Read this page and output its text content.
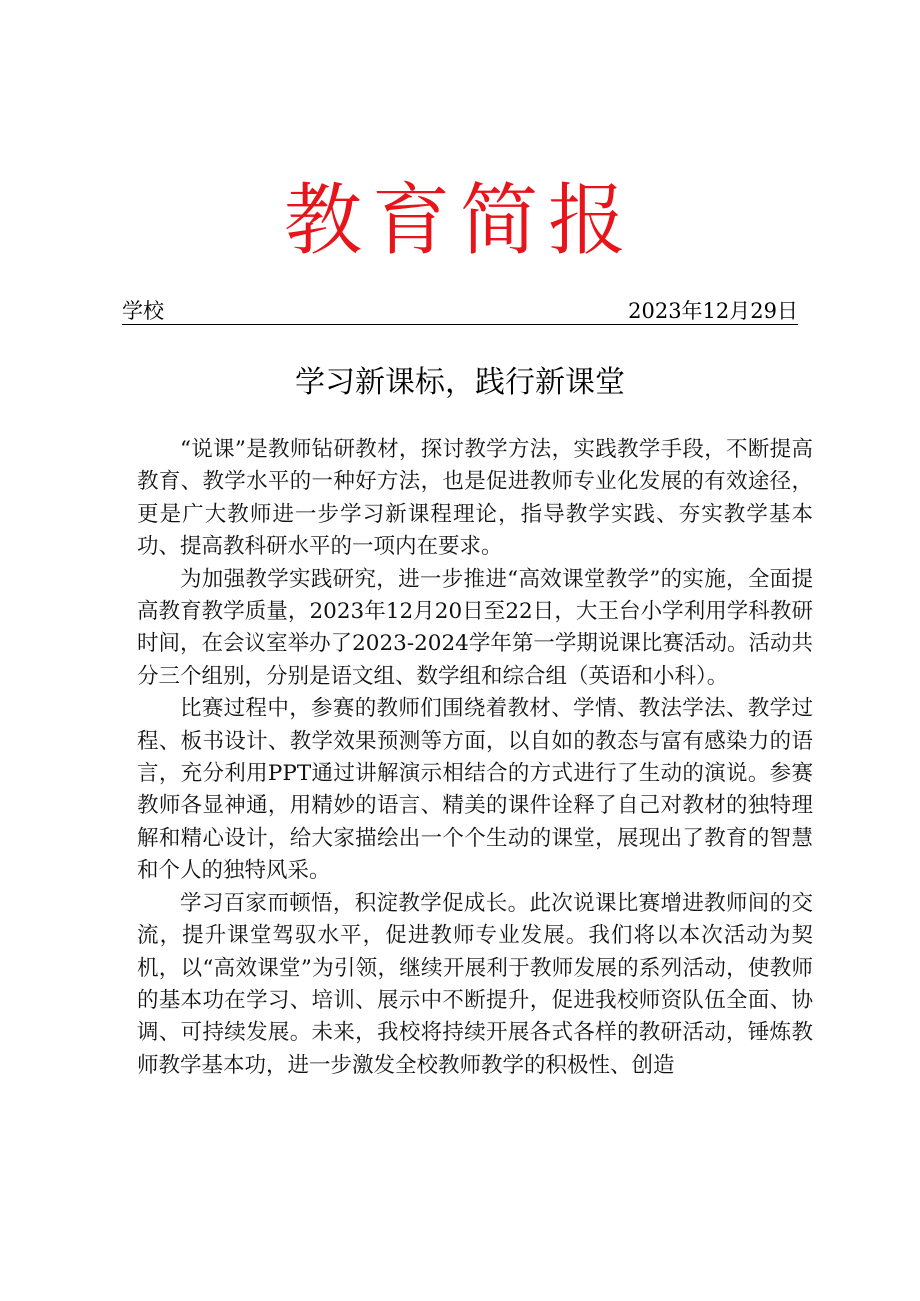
教育简报
学校	2023年12月29日
学习新课标，践行新课堂

“说课”是教师钻研教材，探讨教学方法，实践教学手段，不断提高教育、教学水平的一种好方法，也是促进教师专业化发展的有效途径，更是广大教师进一步学习新课程理论，指导教学实践、夯实教学基本功、提高教科研水平的一项内在要求。

为加强教学实践研究，进一步推进“高效课堂教学”的实施，全面提高教育教学质量，2023年12月20日至22日，大王台小学利用学科教研时间，在会议室举办了2023-2024学年第一学期说课比赛活动。活动共分三个组别，分别是语文组、数学组和综合组（英语和小科）。

比赛过程中，参赛的教师们围绕着教材、学情、教法学法、教学过程、板书设计、教学效果预测等方面，以自如的教态与富有感染力的语言，充分利用PPT通过讲解演示相结合的方式进行了生动的演说。参赛教师各显神通，用精妙的语言、精美的课件诠释了自己对教材的独特理解和精心设计，给大家描绘出一个个生动的课堂，展现出了教育的智慧和个人的独特风采。

学习百家而顿悟，积淀教学促成长。此次说课比赛增进教师间的交流，提升课堂驾驭水平，促进教师专业发展。我们将以本次活动为契机，以“高效课堂”为引领，继续开展利于教师发展的系列活动，使教师的基本功在学习、培训、展示中不断提升，促进我校师资队伍全面、协调、可持续发展。未来，我校将持续开展各式各样的教研活动，锤炼教师教学基本功，进一步激发全校教师教学的积极性、创造
